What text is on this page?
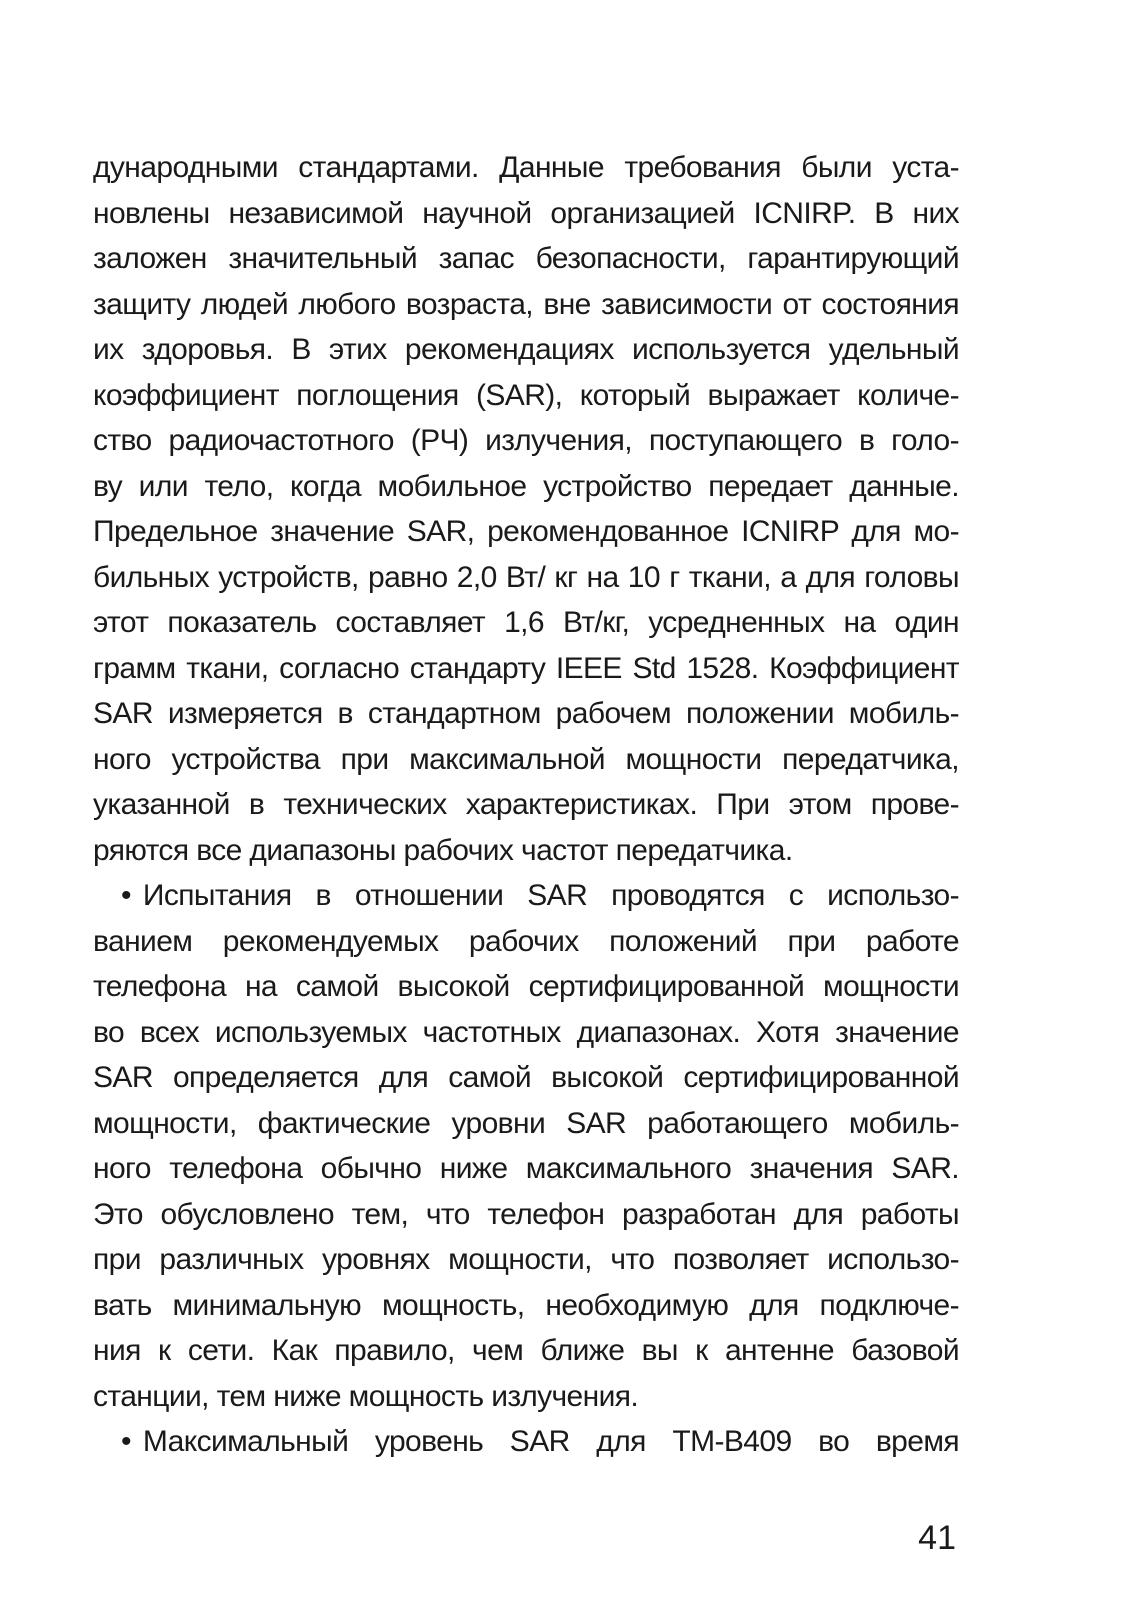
дународными стандартами. Данные требования были уста-
новлены независимой научной организацией ICNIRP. В них
заложен значительный запас безопасности, гарантирующий
защиту людей любого возраста, вне зависимости от состояния
их здоровья. В этих рекомендациях используется удельный
коэффициент поглощения (SAR), который выражает количе-
ство радиочастотного (РЧ) излучения, поступающего в голо-
ву или тело, когда мобильное устройство передает данные.
Предельное значение SAR, рекомендованное ICNIRP для мо-
бильных устройств, равно 2,0 Вт/ кг на 10 г ткани, а для головы
этот показатель составляет 1,6 Вт/кг, усредненных на один
грамм ткани, согласно стандарту IEEE Std 1528. Коэффициент
SAR измеряется в стандартном рабочем положении мобиль-
ного устройства при максимальной мощности передатчика,
указанной в технических характеристиках. При этом прове-
ряются все диапазоны рабочих частот передатчика.
• Испытания в отношении SAR проводятся с использо-
ванием рекомендуемых рабочих положений при работе
телефона на самой высокой сертифицированной мощности
во всех используемых частотных диапазонах. Хотя значение
SAR определяется для самой высокой сертифицированной
мощности, фактические уровни SAR работающего мобиль-
ного телефона обычно ниже максимального значения SAR.
Это обусловлено тем, что телефон разработан для работы
при различных уровнях мощности, что позволяет использо-
вать минимальную мощность, необходимую для подключе-
ния к сети. Как правило, чем ближе вы к антенне базовой
станции, тем ниже мощность излучения.
• Максимальный уровень SAR для TM-B409 во время
41
